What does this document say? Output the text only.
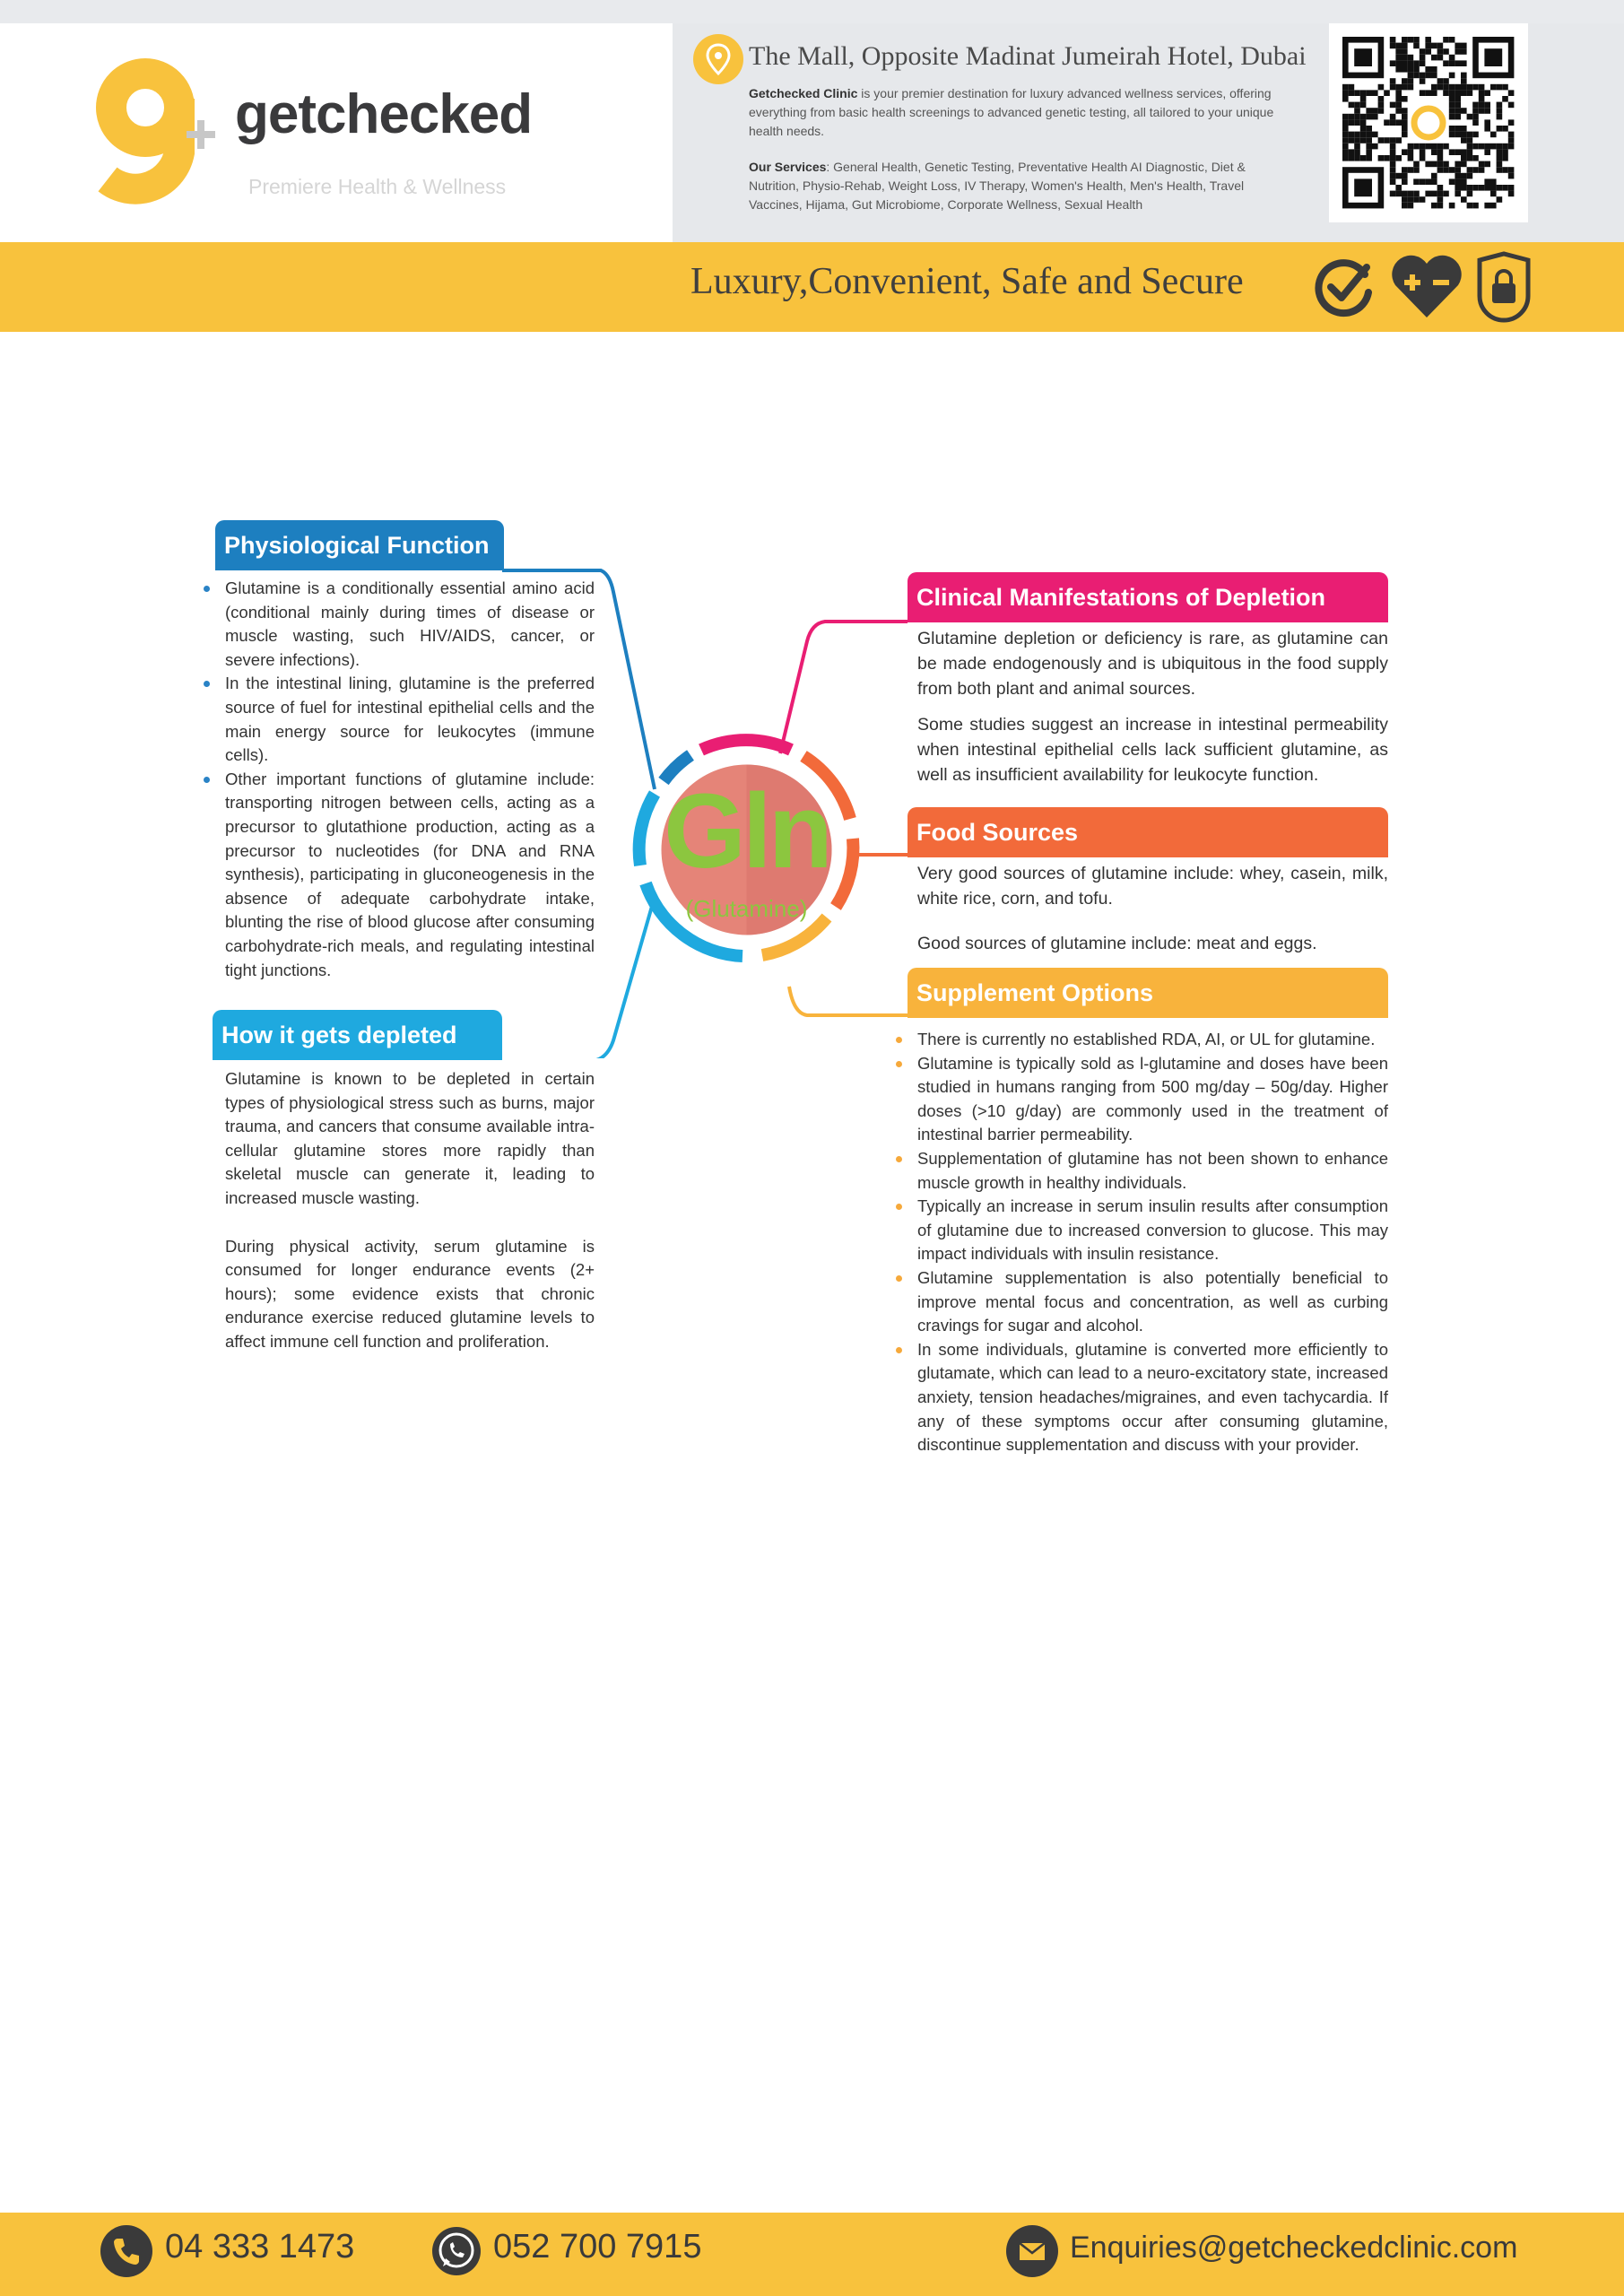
getchecked
Premiere Health & Wellness
The Mall, Opposite Madinat Jumeirah Hotel, Dubai
Getchecked Clinic is your premier destination for luxury advanced wellness services, offering everything from basic health screenings to advanced genetic testing, all tailored to your unique health needs.
Our Services: General Health, Genetic Testing, Preventative Health AI Diagnostic, Diet & Nutrition, Physio-Rehab, Weight Loss, IV Therapy, Women's Health, Men's Health, Travel Vaccines, Hijama, Gut Microbiome, Corporate Wellness, Sexual Health
Luxury,Convenient, Safe and Secure
Gln
(Glutamine)
Physiological Function
Glutamine is a conditionally essential amino acid (conditional mainly during times of disease or muscle wasting, such HIV/AIDS, cancer, or severe infections).
In the intestinal lining, glutamine is the preferred source of fuel for intestinal epithelial cells and the main energy source for leukocytes (immune cells).
Other important functions of glutamine include: transporting nitrogen between cells, acting as a precursor to glutathione production, acting as a precursor to nucleotides (for DNA and RNA synthesis), participating in gluconeogenesis in the absence of adequate carbohydrate intake, blunting the rise of blood glucose after consuming carbohydrate-rich meals, and regulating intestinal tight junctions.
How it gets depleted

Glutamine is known to be depleted in certain types of physiological stress such as burns, major trauma, and cancers that consume available intra-cellular glutamine stores more rapidly than skeletal muscle can generate it, leading to increased muscle wasting.

During physical activity, serum glutamine is consumed for longer endurance events (2+ hours); some evidence exists that chronic endurance exercise reduced glutamine levels to affect immune cell function and proliferation.

Clinical Manifestations of Depletion

Glutamine depletion or deficiency is rare, as glutamine can be made endogenously and is ubiquitous in the food supply from both plant and animal sources.

Some studies suggest an increase in intestinal permeability when intestinal epithelial cells lack sufficient glutamine, as well as insufficient availability for leukocyte function.

Food Sources

Very good sources of glutamine include: whey, casein, milk, white rice, corn, and tofu.

Good sources of glutamine include: meat and eggs.

Supplement Options
There is currently no established RDA, AI, or UL for glutamine.
Glutamine is typically sold as l-glutamine and doses have been studied in humans ranging from 500 mg/day – 50g/day. Higher doses (>10 g/day) are commonly used in the treatment of intestinal barrier permeability.
Supplementation of glutamine has not been shown to enhance muscle growth in healthy individuals.
Typically an increase in serum insulin results after consumption of glutamine due to increased conversion to glucose. This may impact individuals with insulin resistance.
Glutamine supplementation is also potentially beneficial to improve mental focus and concentration, as well as curbing cravings for sugar and alcohol.
In some individuals, glutamine is converted more efficiently to glutamate, which can lead to a neuro-excitatory state, increased anxiety, tension headaches/migraines, and even tachycardia. If any of these symptoms occur after consuming glutamine, discontinue supplementation and discuss with your provider.
04 333 1473	052 700 7915	Enquiries@getcheckedclinic.com
